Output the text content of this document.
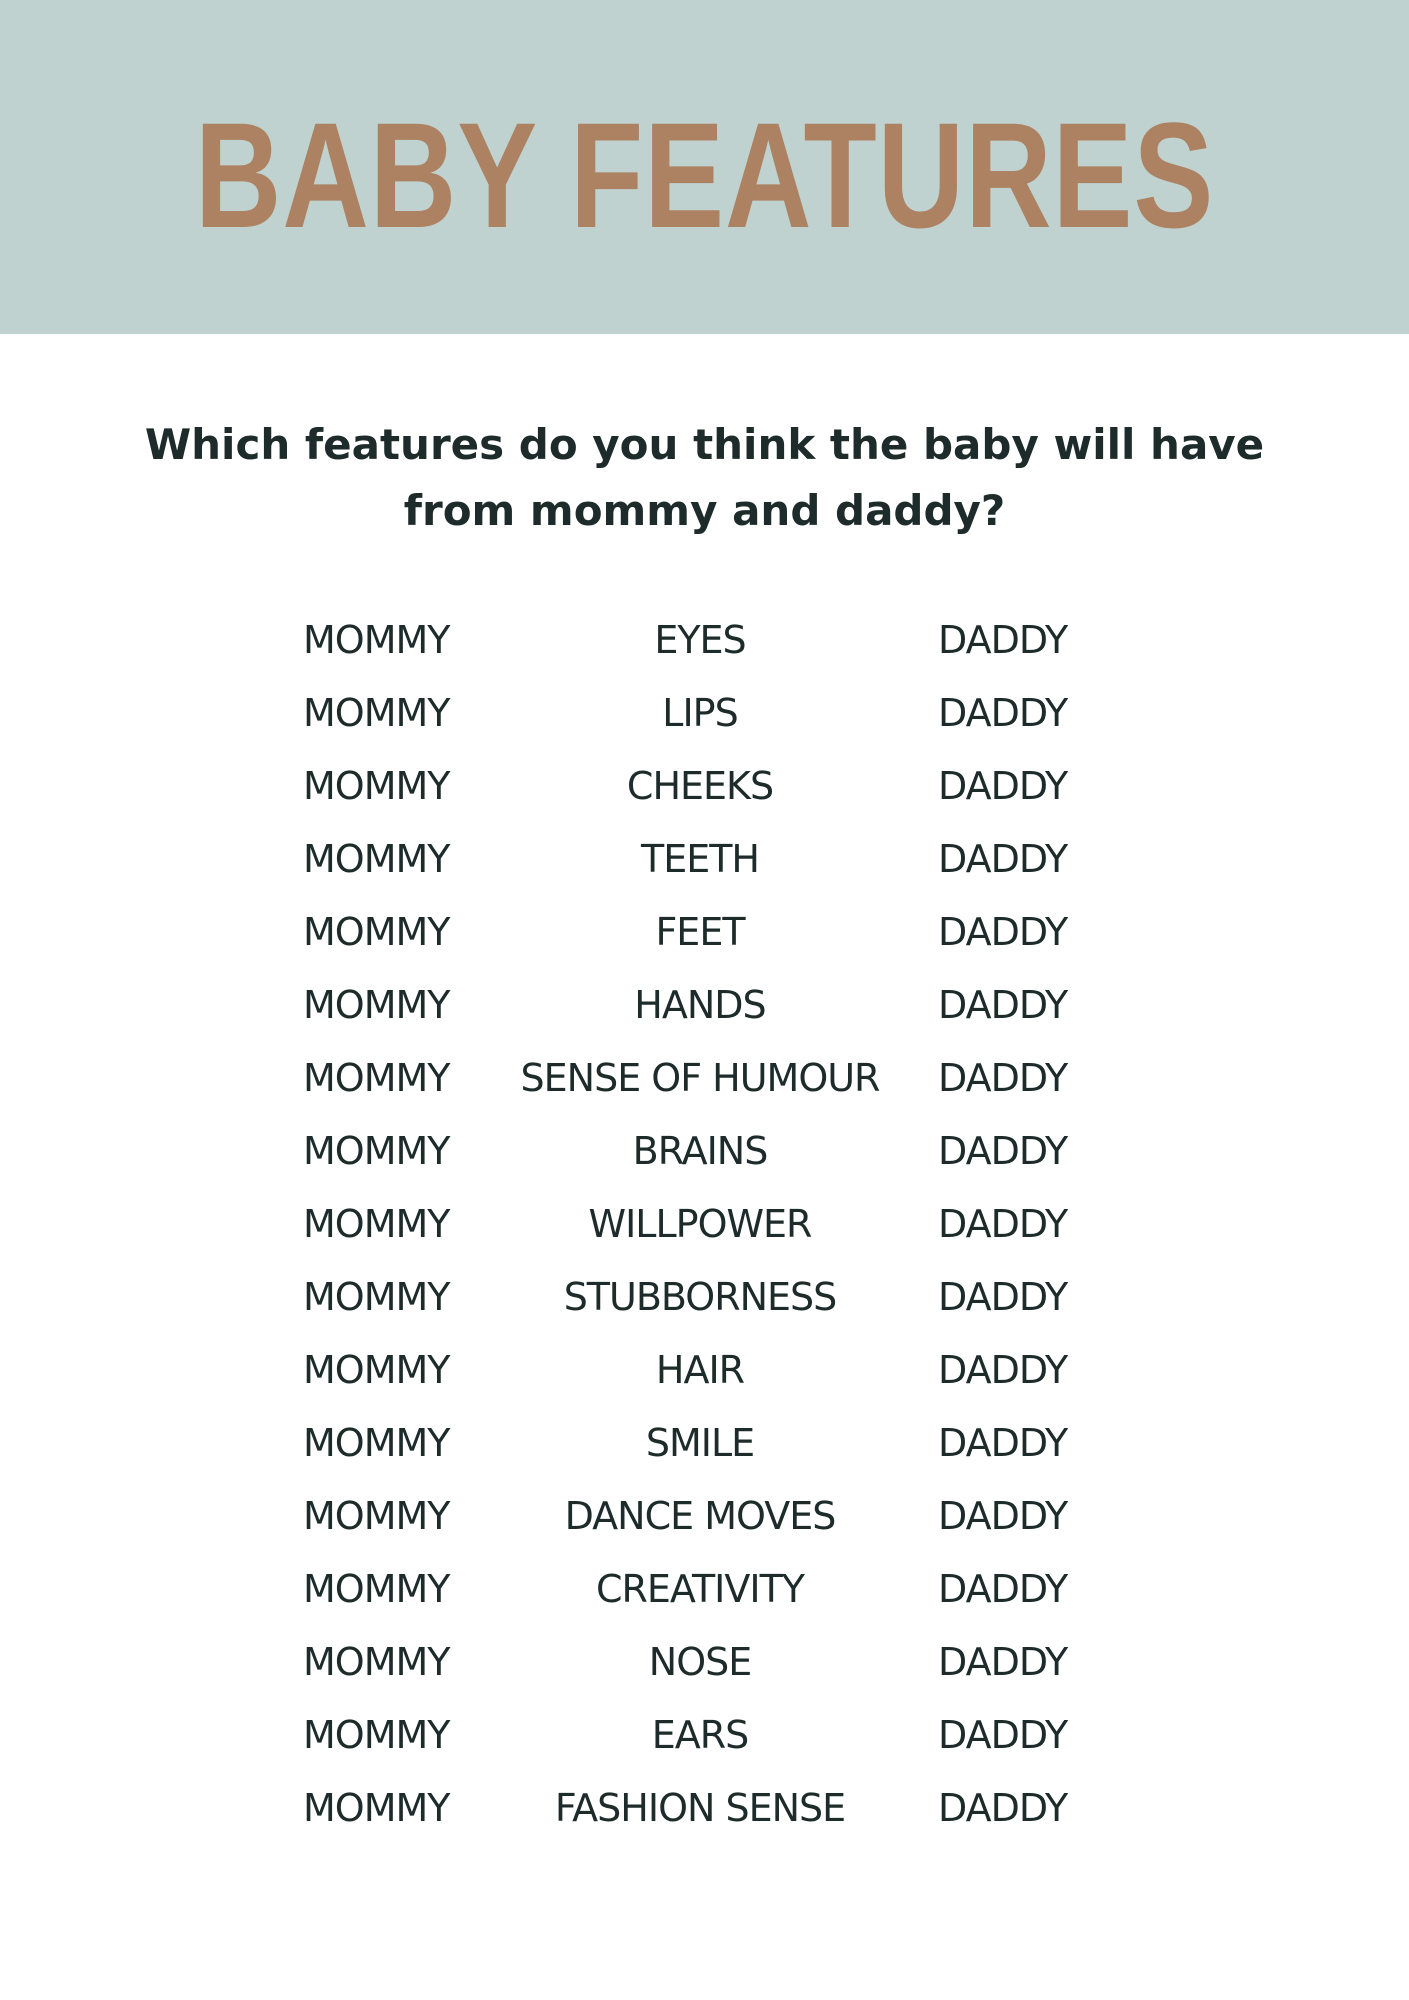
BABY FEATURES

Which features do you think the baby will have from mommy and daddy?

MOMMY	EYES	DADDY
MOMMY	LIPS	DADDY
MOMMY	CHEEKS	DADDY
MOMMY	TEETH	DADDY
MOMMY	FEET	DADDY
MOMMY	HANDS	DADDY
MOMMY	SENSE OF HUMOUR	DADDY
MOMMY	BRAINS	DADDY
MOMMY	WILLPOWER	DADDY
MOMMY	STUBBORNESS	DADDY
MOMMY	HAIR	DADDY
MOMMY	SMILE	DADDY
MOMMY	DANCE MOVES	DADDY
MOMMY	CREATIVITY	DADDY
MOMMY	NOSE	DADDY
MOMMY	EARS	DADDY
MOMMY	FASHION SENSE	DADDY
